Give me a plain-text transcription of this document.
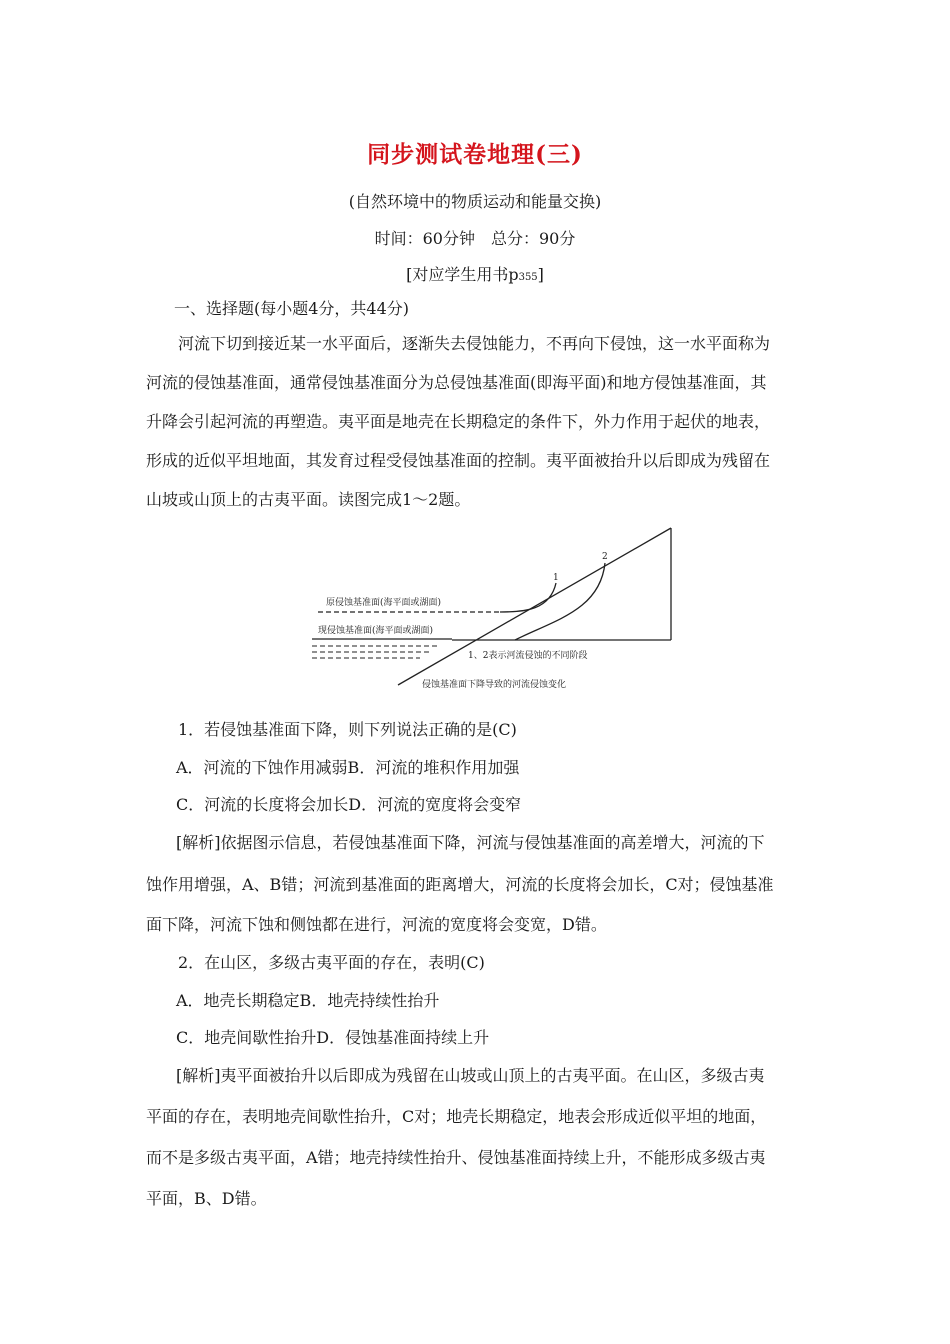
同步测试卷地理(三)
(自然环境中的物质运动和能量交换)
时间：60分钟　总分：90分
[对应学生用书p355]
一、选择题(每小题4分，共44分)
河流下切到接近某一水平面后，逐渐失去侵蚀能力，不再向下侵蚀，这一水平面称为
河流的侵蚀基准面，通常侵蚀基准面分为总侵蚀基准面(即海平面)和地方侵蚀基准面，其
升降会引起河流的再塑造。夷平面是地壳在长期稳定的条件下，外力作用于起伏的地表，
形成的近似平坦地面，其发育过程受侵蚀基准面的控制。夷平面被抬升以后即成为残留在
山坡或山顶上的古夷平面。读图完成1～2题。
原侵蚀基准面(海平面或湖面)
现侵蚀基准面(海平面或湖面)
1
2
1、2表示河流侵蚀的不同阶段
侵蚀基准面下降导致的河流侵蚀变化
1．若侵蚀基准面下降，则下列说法正确的是(C)
A．河流的下蚀作用减弱B．河流的堆积作用加强
C．河流的长度将会加长D．河流的宽度将会变窄
[解析]依据图示信息，若侵蚀基准面下降，河流与侵蚀基准面的高差增大，河流的下
蚀作用增强，A、B错；河流到基准面的距离增大，河流的长度将会加长，C对；侵蚀基准
面下降，河流下蚀和侧蚀都在进行，河流的宽度将会变宽，D错。
2．在山区，多级古夷平面的存在，表明(C)
A．地壳长期稳定B．地壳持续性抬升
C．地壳间歇性抬升D．侵蚀基准面持续上升
[解析]夷平面被抬升以后即成为残留在山坡或山顶上的古夷平面。在山区，多级古夷
平面的存在，表明地壳间歇性抬升，C对；地壳长期稳定，地表会形成近似平坦的地面，
而不是多级古夷平面，A错；地壳持续性抬升、侵蚀基准面持续上升，不能形成多级古夷
平面，B、D错。
